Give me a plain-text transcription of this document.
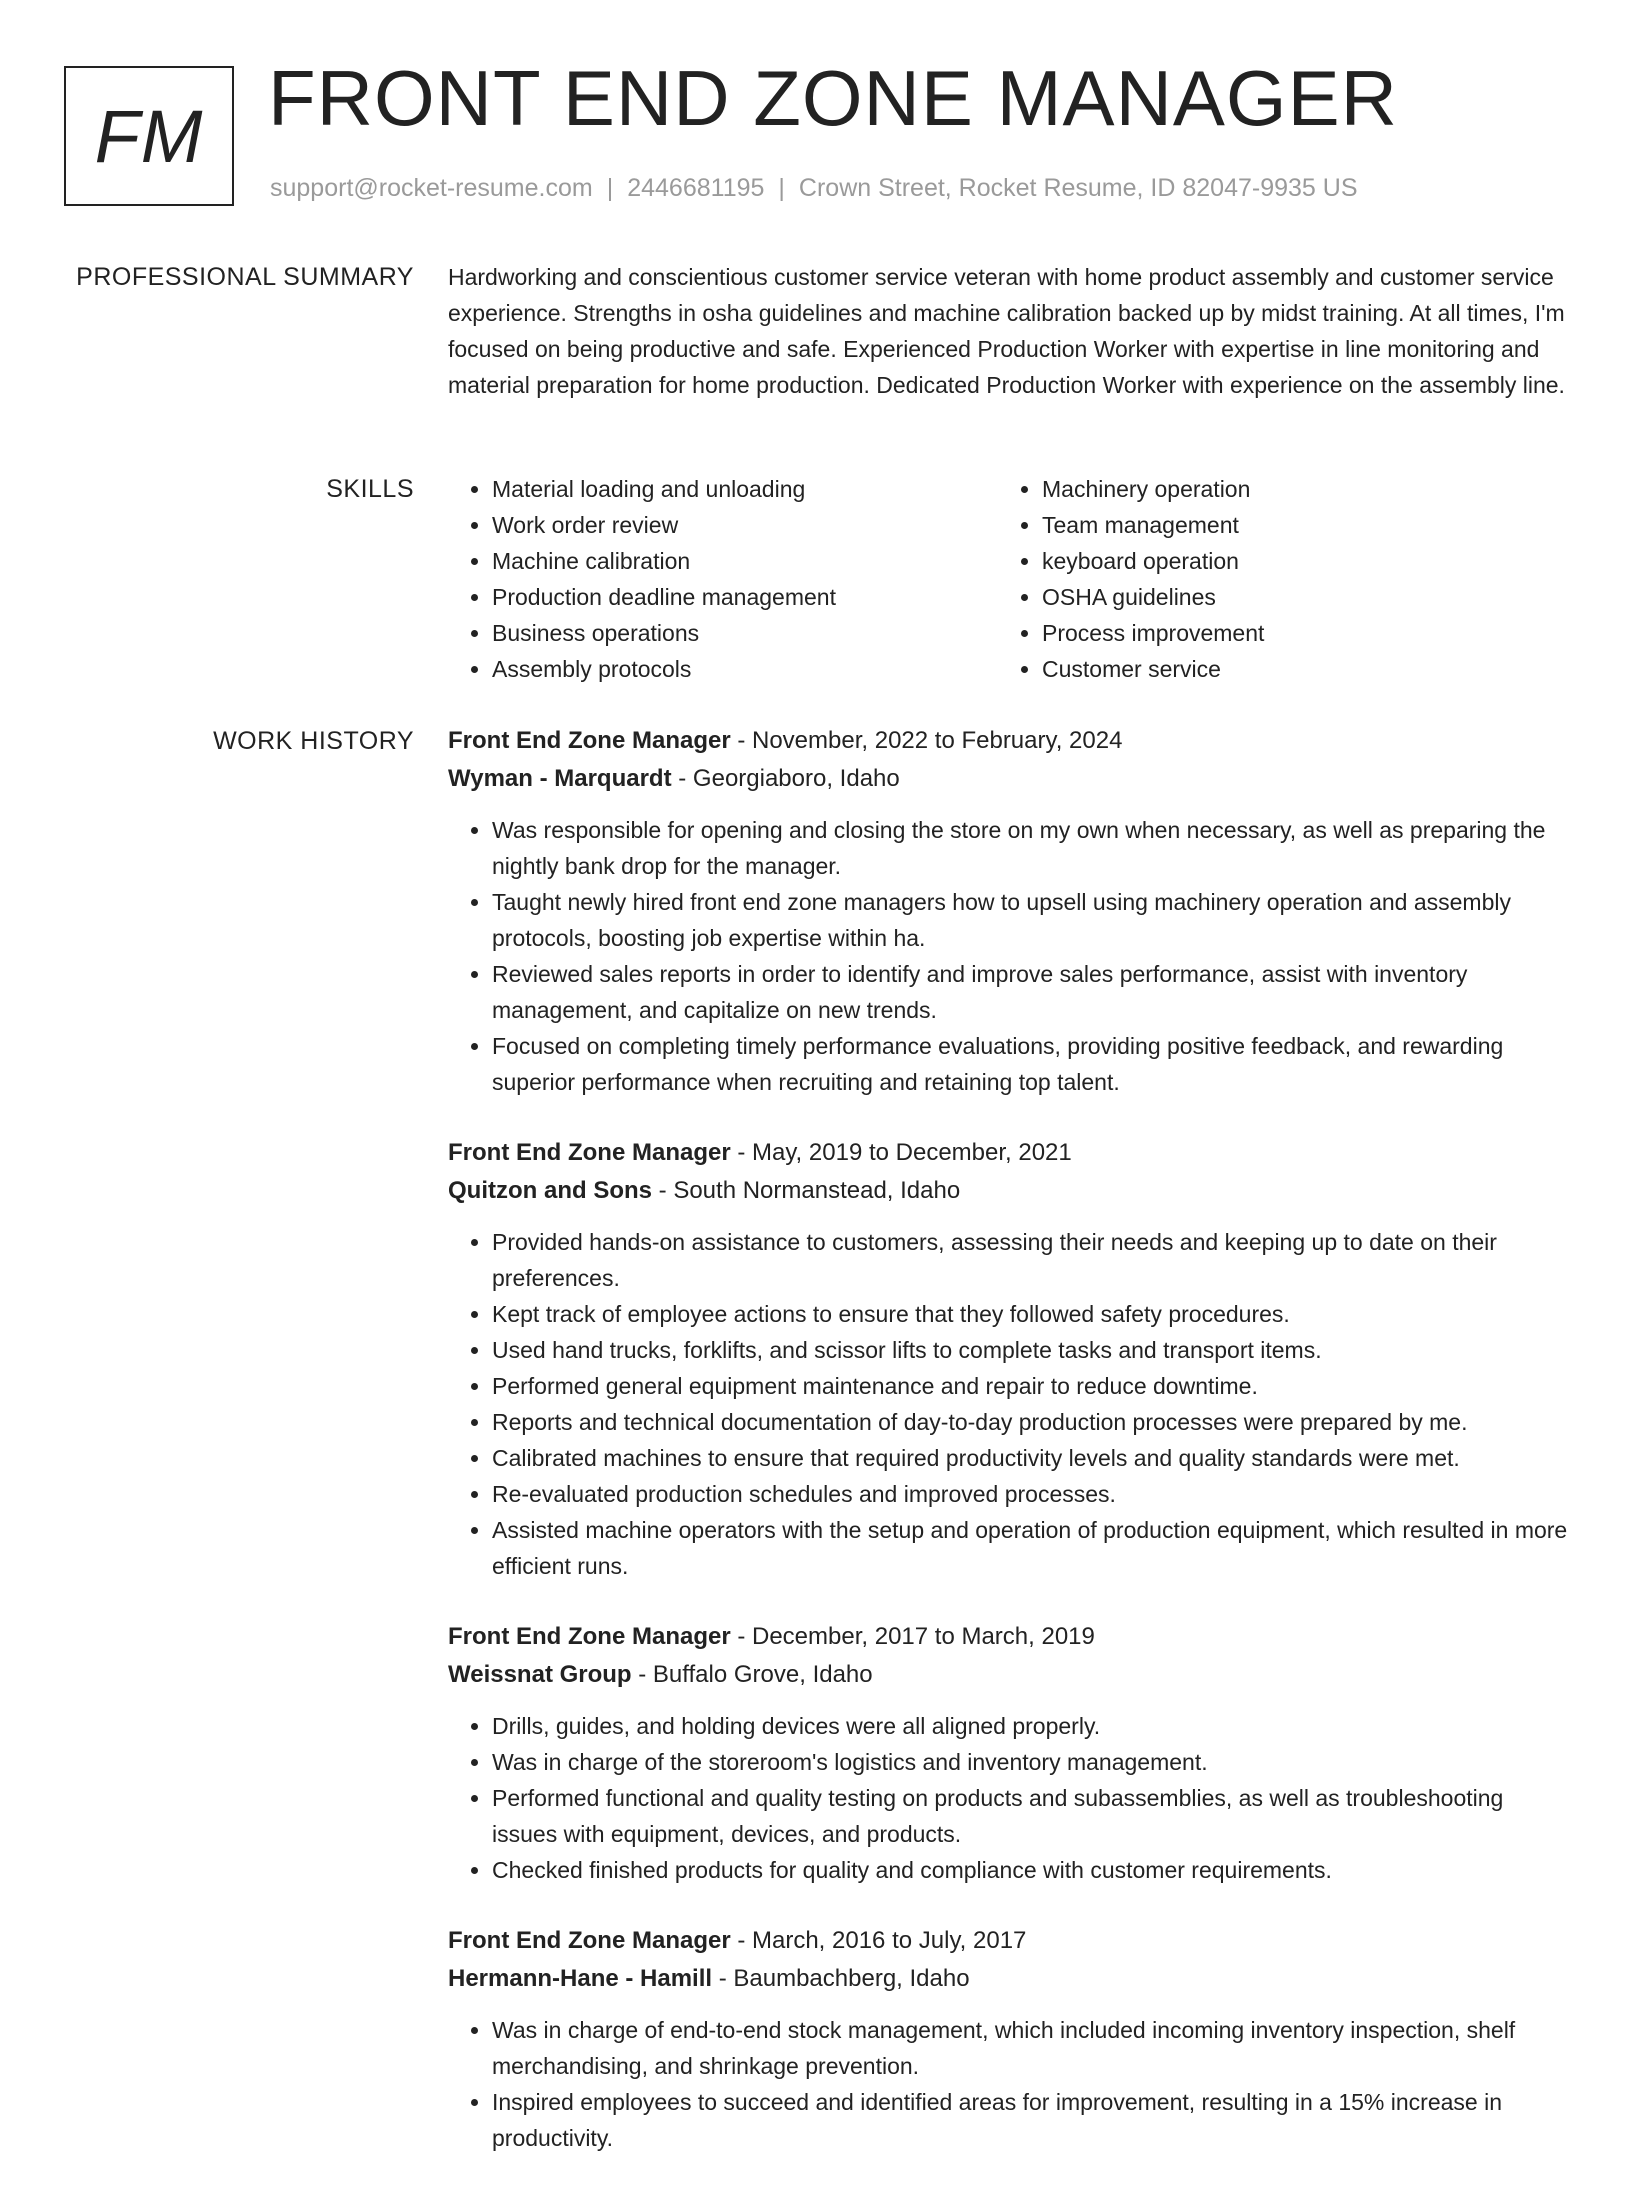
FM FRONT END ZONE MANAGER
support@rocket-resume.com | 2446681195 | Crown Street, Rocket Resume, ID 82047-9935 US
PROFESSIONAL SUMMARY Hardworking and conscientious customer service veteran with home product assembly and customer service experience. Strengths in osha guidelines and machine calibration backed up by midst training. At all times, I'm focused on being productive and safe. Experienced Production Worker with expertise in line monitoring and material preparation for home production. Dedicated Production Worker with experience on the assembly line.

SKILLS
•	Material loading and unloading
• Work order review
• Machine calibration
• Production deadline management
• Business operations
• Assembly protocols
• Machinery operation
• Team management
• keyboard operation
• OSHA guidelines
• Process improvement
• Customer service
WORK HISTORY Front End Zone Manager - November, 2022 to February, 2024
Wyman - Marquardt - Georgiaboro, Idaho
• Was responsible for opening and closing the store on my own when necessary, as well as preparing the nightly bank drop for the manager.
• Taught newly hired front end zone managers how to upsell using machinery operation and assembly protocols, boosting job expertise within ha.
• Reviewed sales reports in order to identify and improve sales performance, assist with inventory management, and capitalize on new trends.
• Focused on completing timely performance evaluations, providing positive feedback, and rewarding superior performance when recruiting and retaining top talent.
Front End Zone Manager - May, 2019 to December, 2021
Quitzon and Sons - South Normanstead, Idaho
• Provided hands-on assistance to customers, assessing their needs and keeping up to date on their preferences.
• Kept track of employee actions to ensure that they followed safety procedures.
• Used hand trucks, forklifts, and scissor lifts to complete tasks and transport items.
• Performed general equipment maintenance and repair to reduce downtime.
• Reports and technical documentation of day-to-day production processes were prepared by me.
• Calibrated machines to ensure that required productivity levels and quality standards were met.
• Re-evaluated production schedules and improved processes.
• Assisted machine operators with the setup and operation of production equipment, which resulted in more efficient runs.
Front End Zone Manager - December, 2017 to March, 2019
Weissnat Group - Buffalo Grove, Idaho
• Drills, guides, and holding devices were all aligned properly.
• Was in charge of the storeroom's logistics and inventory management.
• Performed functional and quality testing on products and subassemblies, as well as troubleshooting issues with equipment, devices, and products.
• Checked finished products for quality and compliance with customer requirements.
Front End Zone Manager - March, 2016 to July, 2017
Hermann-Hane - Hamill - Baumbachberg, Idaho
• Was in charge of end-to-end stock management, which included incoming inventory inspection, shelf merchandising, and shrinkage prevention.
• Inspired employees to succeed and identified areas for improvement, resulting in a 15% increase in productivity.
